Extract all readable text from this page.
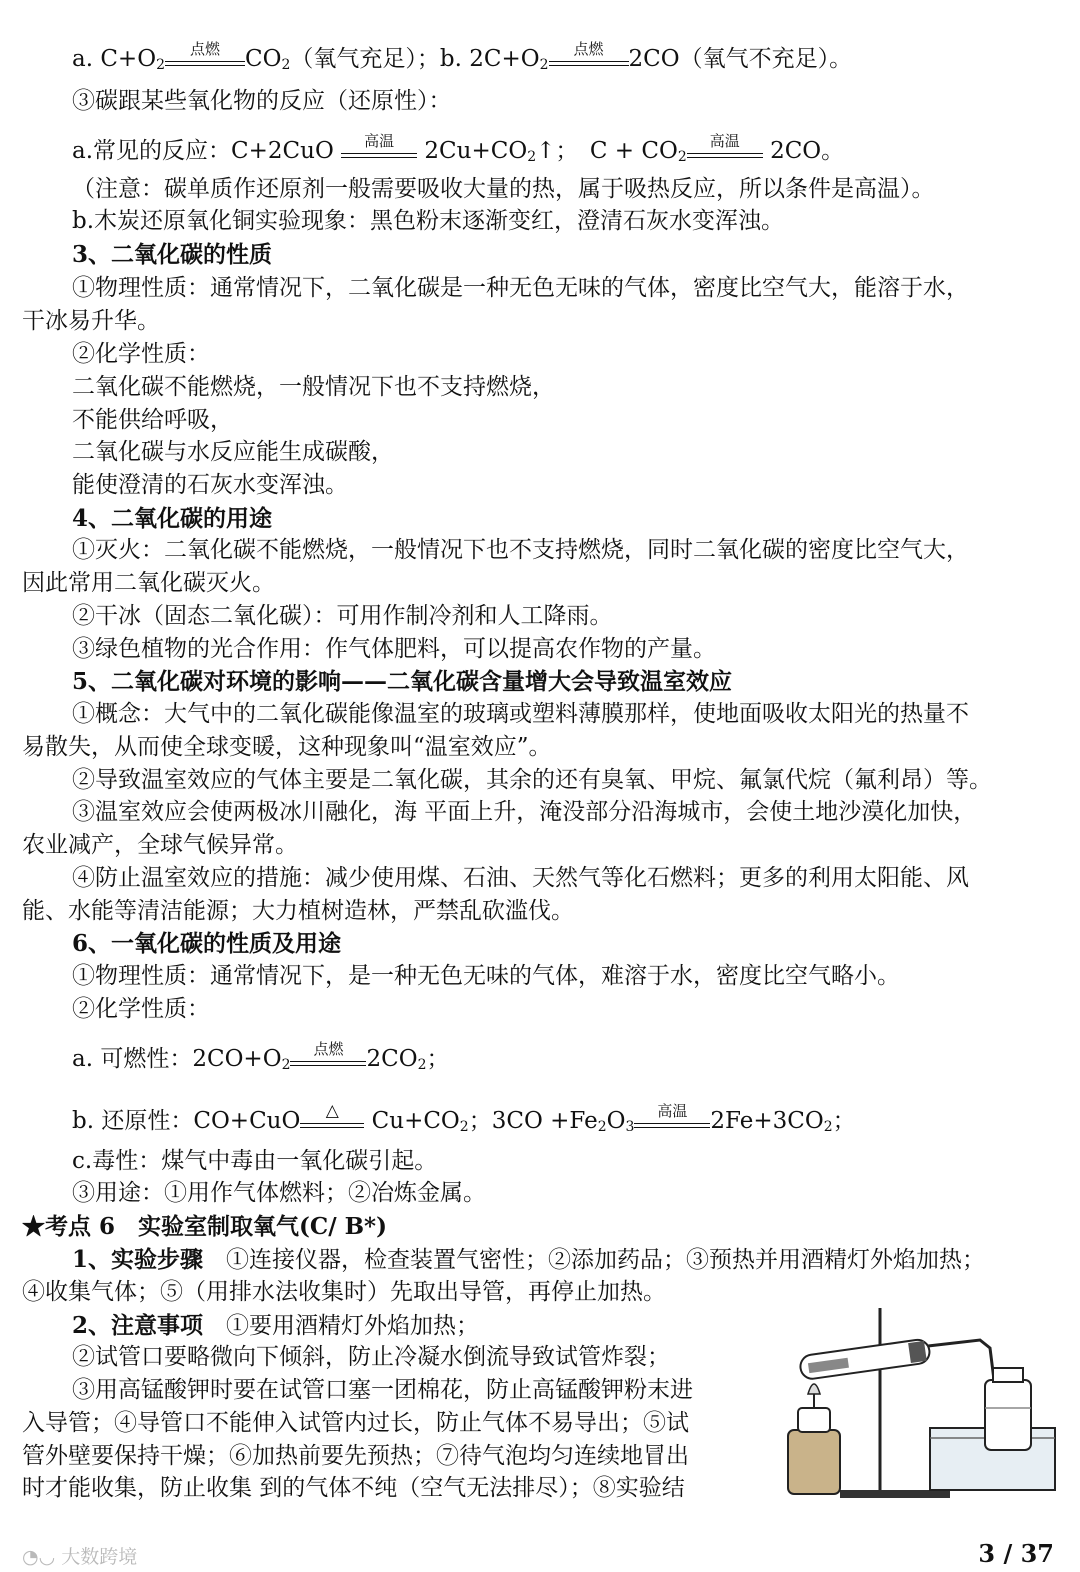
a. $C+O_2$
点燃	$CO_2$（氧气充足）；b. $2C+O_2$
点燃	2CO（氧气不充足）。
③碳跟某些氧化物的反应（还原性）：
a.常见的反应：C+2CuO	高温	$2Cu+CO_2↑$；　$C + CO_2$
高温	2CO。
（注意：碳单质作还原剂一般需要吸收大量的热，属于吸热反应，所以条件是高温）。
b.木炭还原氧化铜实验现象：黑色粉末逐渐变红，澄清石灰水变浑浊。
3、二氧化碳的性质
①物理性质：通常情况下，二氧化碳是一种无色无味的气体，密度比空气大，能溶于水，
干冰易升华。
②化学性质：
二氧化碳不能燃烧，一般情况下也不支持燃烧，
不能供给呼吸，
二氧化碳与水反应能生成碳酸，
能使澄清的石灰水变浑浊。
4、二氧化碳的用途
①灭火：二氧化碳不能燃烧，一般情况下也不支持燃烧，同时二氧化碳的密度比空气大，
因此常用二氧化碳灭火。
②干冰（固态二氧化碳）：可用作制冷剂和人工降雨。
③绿色植物的光合作用：作气体肥料，可以提高农作物的产量。
5、二氧化碳对环境的影响——二氧化碳含量增大会导致温室效应
①概念：大气中的二氧化碳能像温室的玻璃或塑料薄膜那样，使地面吸收太阳光的热量不
易散失，从而使全球变暖，这种现象叫“温室效应”。
②导致温室效应的气体主要是二氧化碳，其余的还有臭氧、甲烷、氟氯代烷（氟利昂）等。
③温室效应会使两极冰川融化，海 平面上升，淹没部分沿海城市，会使土地沙漠化加快，
农业减产，全球气候异常。
④防止温室效应的措施：减少使用煤、石油、天然气等化石燃料；更多的利用太阳能、风
能、水能等清洁能源；大力植树造林，严禁乱砍滥伐。
6、一氧化碳的性质及用途
①物理性质：通常情况下，是一种无色无味的气体，难溶于水，密度比空气略小。
②化学性质：
a. 可燃性：$2CO+O_2$
点燃	$2CO_2$；
b. 还原性：CO+CuO	△	$Cu+CO_2$；$3CO +Fe_2O_3$
高温	$2Fe+3CO_2$；
c.毒性：煤气中毒由一氧化碳引起。
③用途：①用作气体燃料；②冶炼金属。
★考点 6　实验室制取氧气(C/ B*)
1、实验步骤　 ①连接仪器，检查装置气密性；②添加药品；③预热并用酒精灯外焰加热；
④收集气体；⑤（用排水法收集时）先取出导管，再停止加热。
2、注意事项　 ①要用酒精灯外焰加热；
②试管口要略微向下倾斜，防止冷凝水倒流导致试管炸裂；
③用高锰酸钾时要在试管口塞一团棉花，防止高锰酸钾粉末进
入导管；④导管口不能伸入试管内过长，防止气体不易导出；⑤试
管外壁要保持干燥；⑥加热前要先预热；⑦待气泡均匀连续地冒出
时才能收集，防止收集 到的气体不纯（空气无法排尽）；⑧实验结
◔◡ 大数跨境	3 / 37
